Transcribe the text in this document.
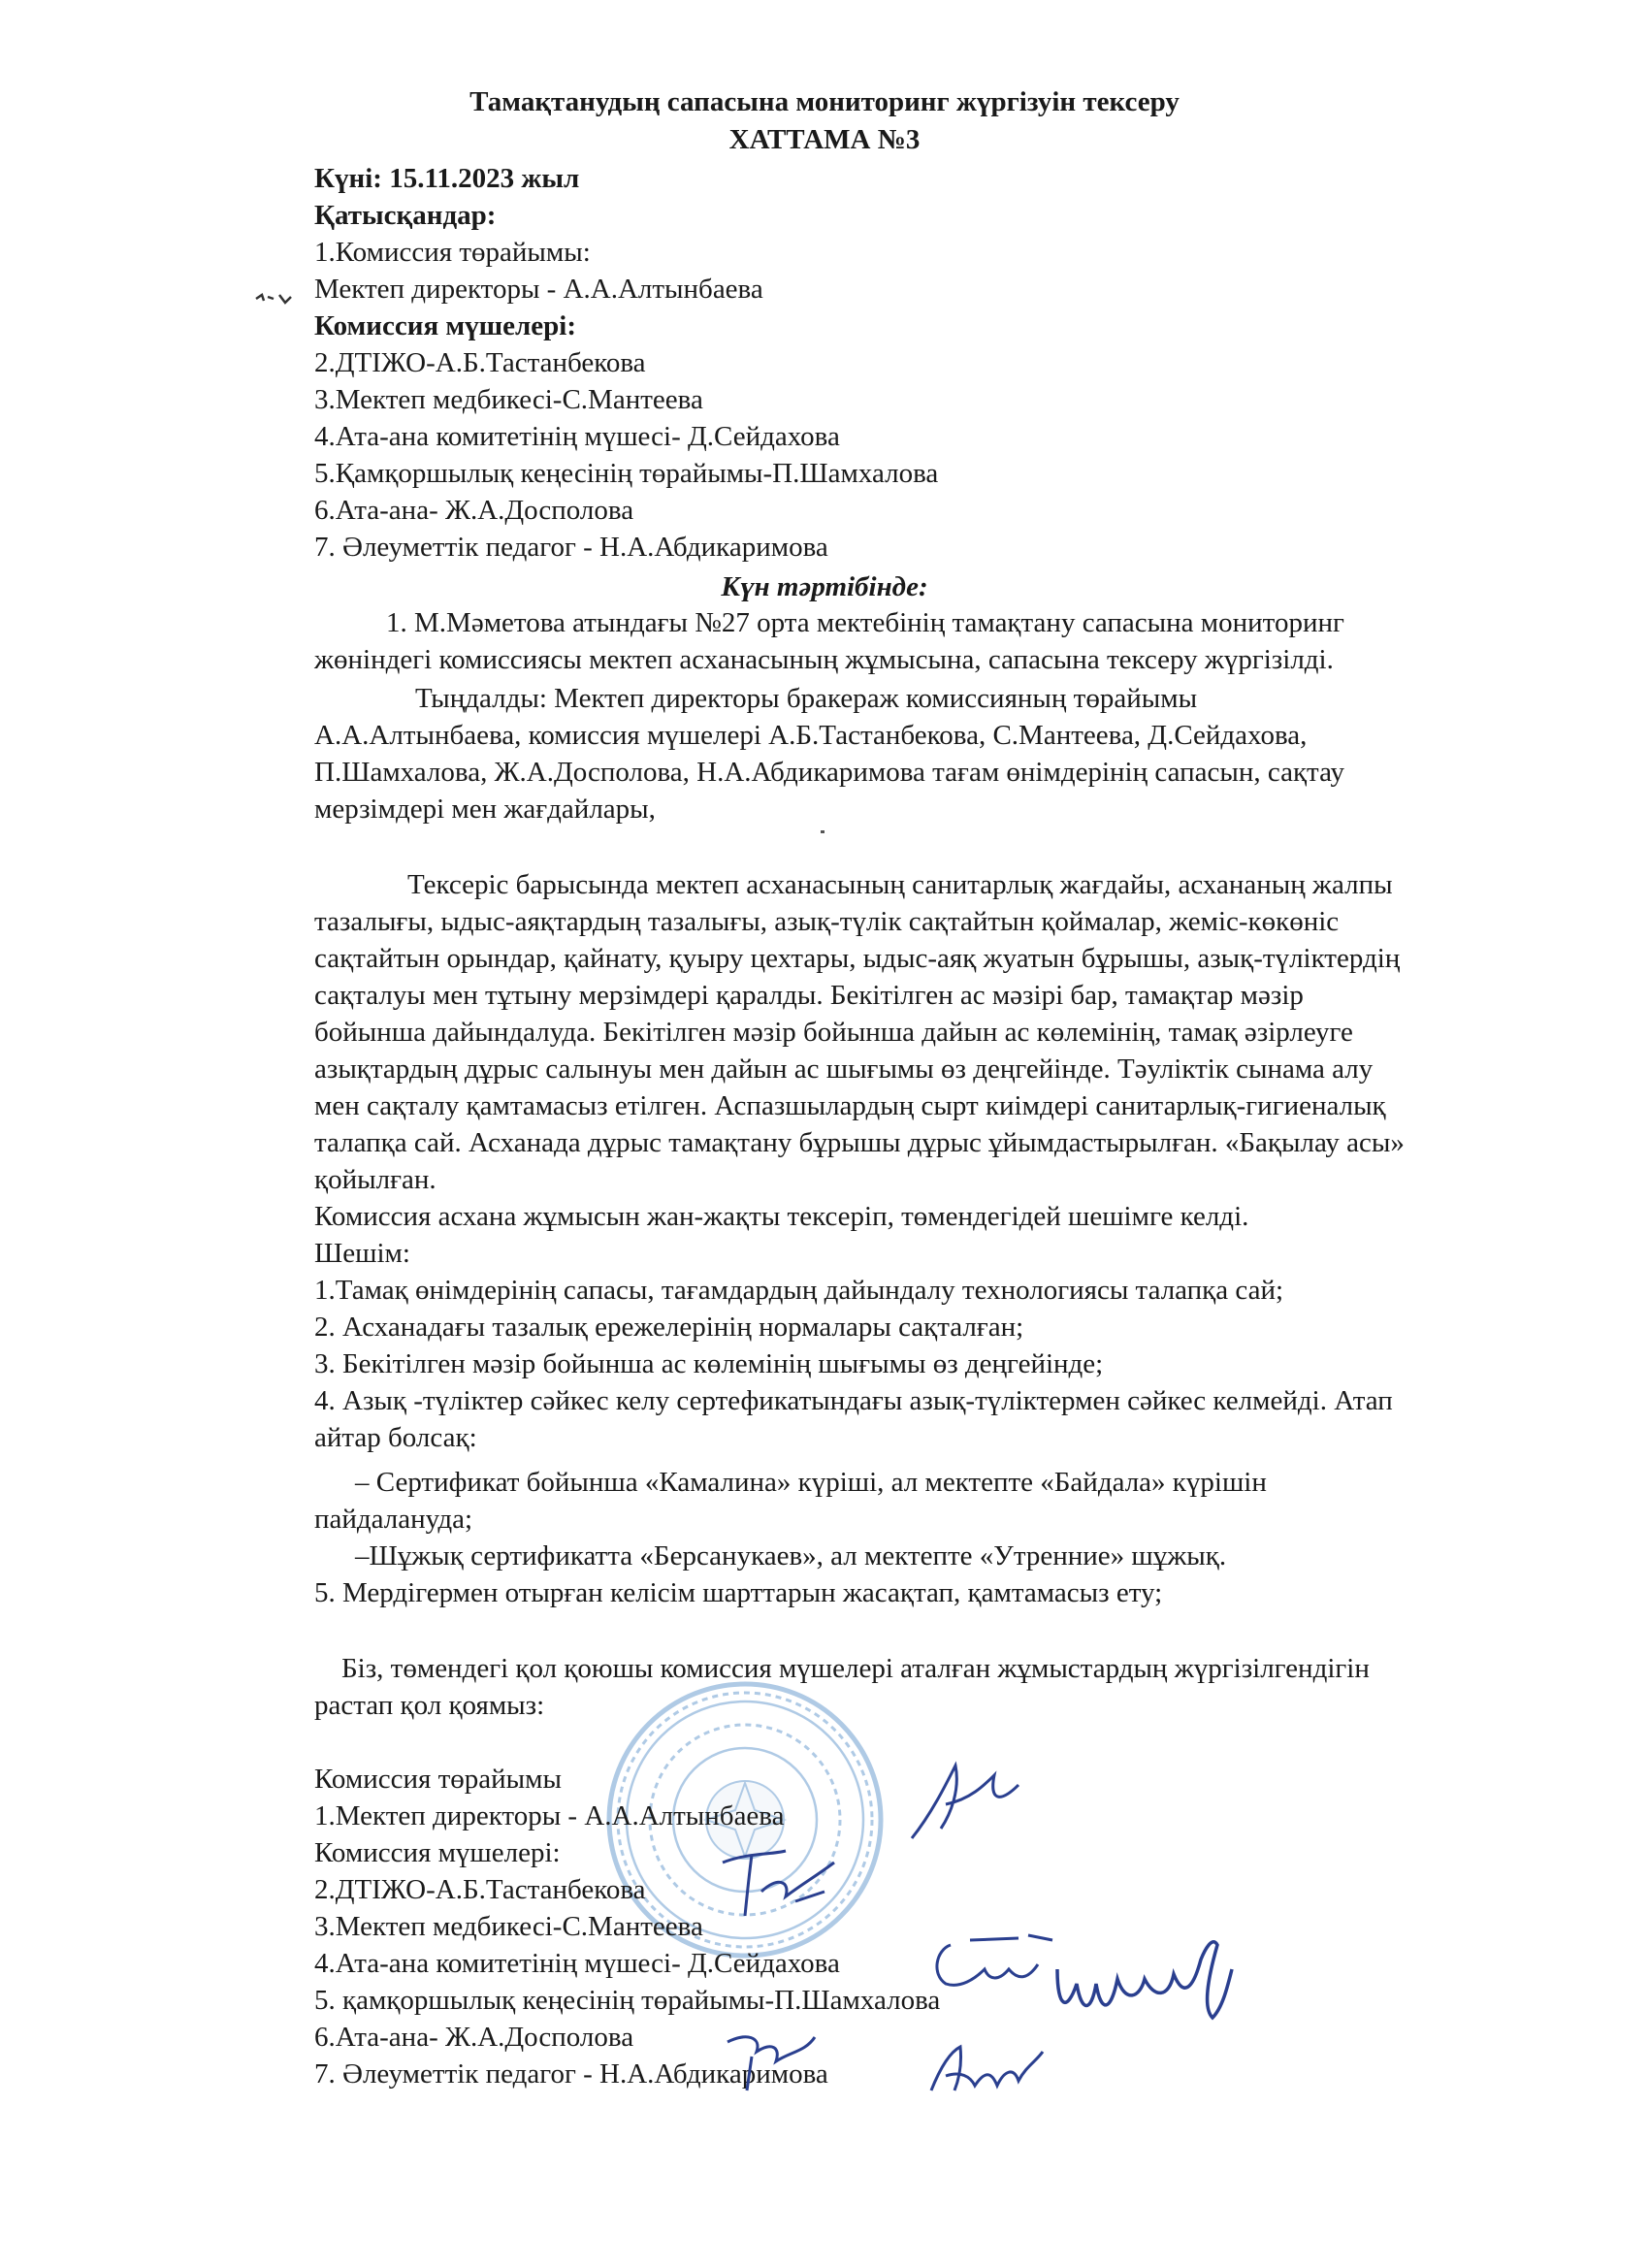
Тамақтанудың сапасына мониторинг жүргізуін тексеру
ХАТТАМА №3
Күні: 15.11.2023 жыл
Қатысқандар:
1.Комиссия төрайымы:
Мектеп директоры - А.А.Алтынбаева
Комиссия мүшелері:
2.ДТІЖО-А.Б.Тастанбекова
3.Мектеп медбикесі-С.Мантеева
4.Ата-ана комитетінің мүшесі- Д.Сейдахова
5.Қамқоршылық кеңесінің төрайымы-П.Шамхалова
6.Ата-ана- Ж.А.Досполова
7. Әлеуметтік педагог - Н.А.Абдикаримова
Күн тәртібінде:
1. М.Мәметова атындағы №27 орта мектебінің тамақтану сапасына мониторинг
жөніндегі комиссиясы мектеп асханасының жұмысына, сапасына тексеру жүргізілді.
Тыңдалды: Мектеп директоры бракераж комиссияның төрайымы
А.А.Алтынбаева, комиссия мүшелері А.Б.Тастанбекова, С.Мантеева, Д.Сейдахова,
П.Шамхалова, Ж.А.Досполова, Н.А.Абдикаримова тағам өнімдерінің сапасын, сақтау
мерзімдері мен жағдайлары,
Тексеріс барысында мектеп асханасының санитарлық жағдайы, асхананың жалпы
тазалығы, ыдыс-аяқтардың тазалығы, азық-түлік сақтайтын қоймалар, жеміс-көкөніс
сақтайтын орындар, қайнату, қуыру цехтары, ыдыс-аяқ жуатын бұрышы, азық-түліктердің
сақталуы мен тұтыну мерзімдері қаралды. Бекітілген ас мәзірі бар, тамақтар мәзір
бойынша дайындалуда. Бекітілген мәзір бойынша дайын ас көлемінің, тамақ әзірлеуге
азықтардың дұрыс салынуы мен дайын ас шығымы өз деңгейінде. Тәуліктік сынама алу
мен сақталу қамтамасыз етілген. Аспазшылардың сырт киімдері санитарлық-гигиеналық
талапқа сай. Асханада дұрыс тамақтану бұрышы дұрыс ұйымдастырылған. «Бақылау асы»
қойылған.
Комиссия асхана жұмысын жан-жақты тексеріп, төмендегідей шешімге келді.
Шешім:
1.Тамақ өнімдерінің сапасы, тағамдардың дайындалу технологиясы талапқа сай;
2. Асханадағы тазалық ережелерінің нормалары сақталған;
3. Бекітілген мәзір бойынша ас көлемінің шығымы өз деңгейінде;
4. Азық -түліктер сәйкес келу сертефикатындағы азық-түліктермен сәйкес келмейді. Атап
айтар болсақ:
– Сертификат бойынша «Камалина» күріші, ал мектепте «Байдала» күрішін
пайдалануда;
–Шұжық сертификатта «Берсанукаев», ал мектепте «Утренние» шұжық.
5. Мердігермен отырған келісім шарттарын жасақтап, қамтамасыз ету;
Біз, төмендегі қол қоюшы комиссия мүшелері аталған жұмыстардың жүргізілгендігін
растап қол қоямыз:
Комиссия төрайымы
1.Мектеп директоры - А.А.Алтынбаева
Комиссия мүшелері:
2.ДТІЖО-А.Б.Тастанбекова
3.Мектеп медбикесі-С.Мантеева
4.Ата-ана комитетінің мүшесі- Д.Сейдахова
5. қамқоршылық кеңесінің төрайымы-П.Шамхалова
6.Ата-ана- Ж.А.Досполова
7. Әлеуметтік педагог - Н.А.Абдикаримова
